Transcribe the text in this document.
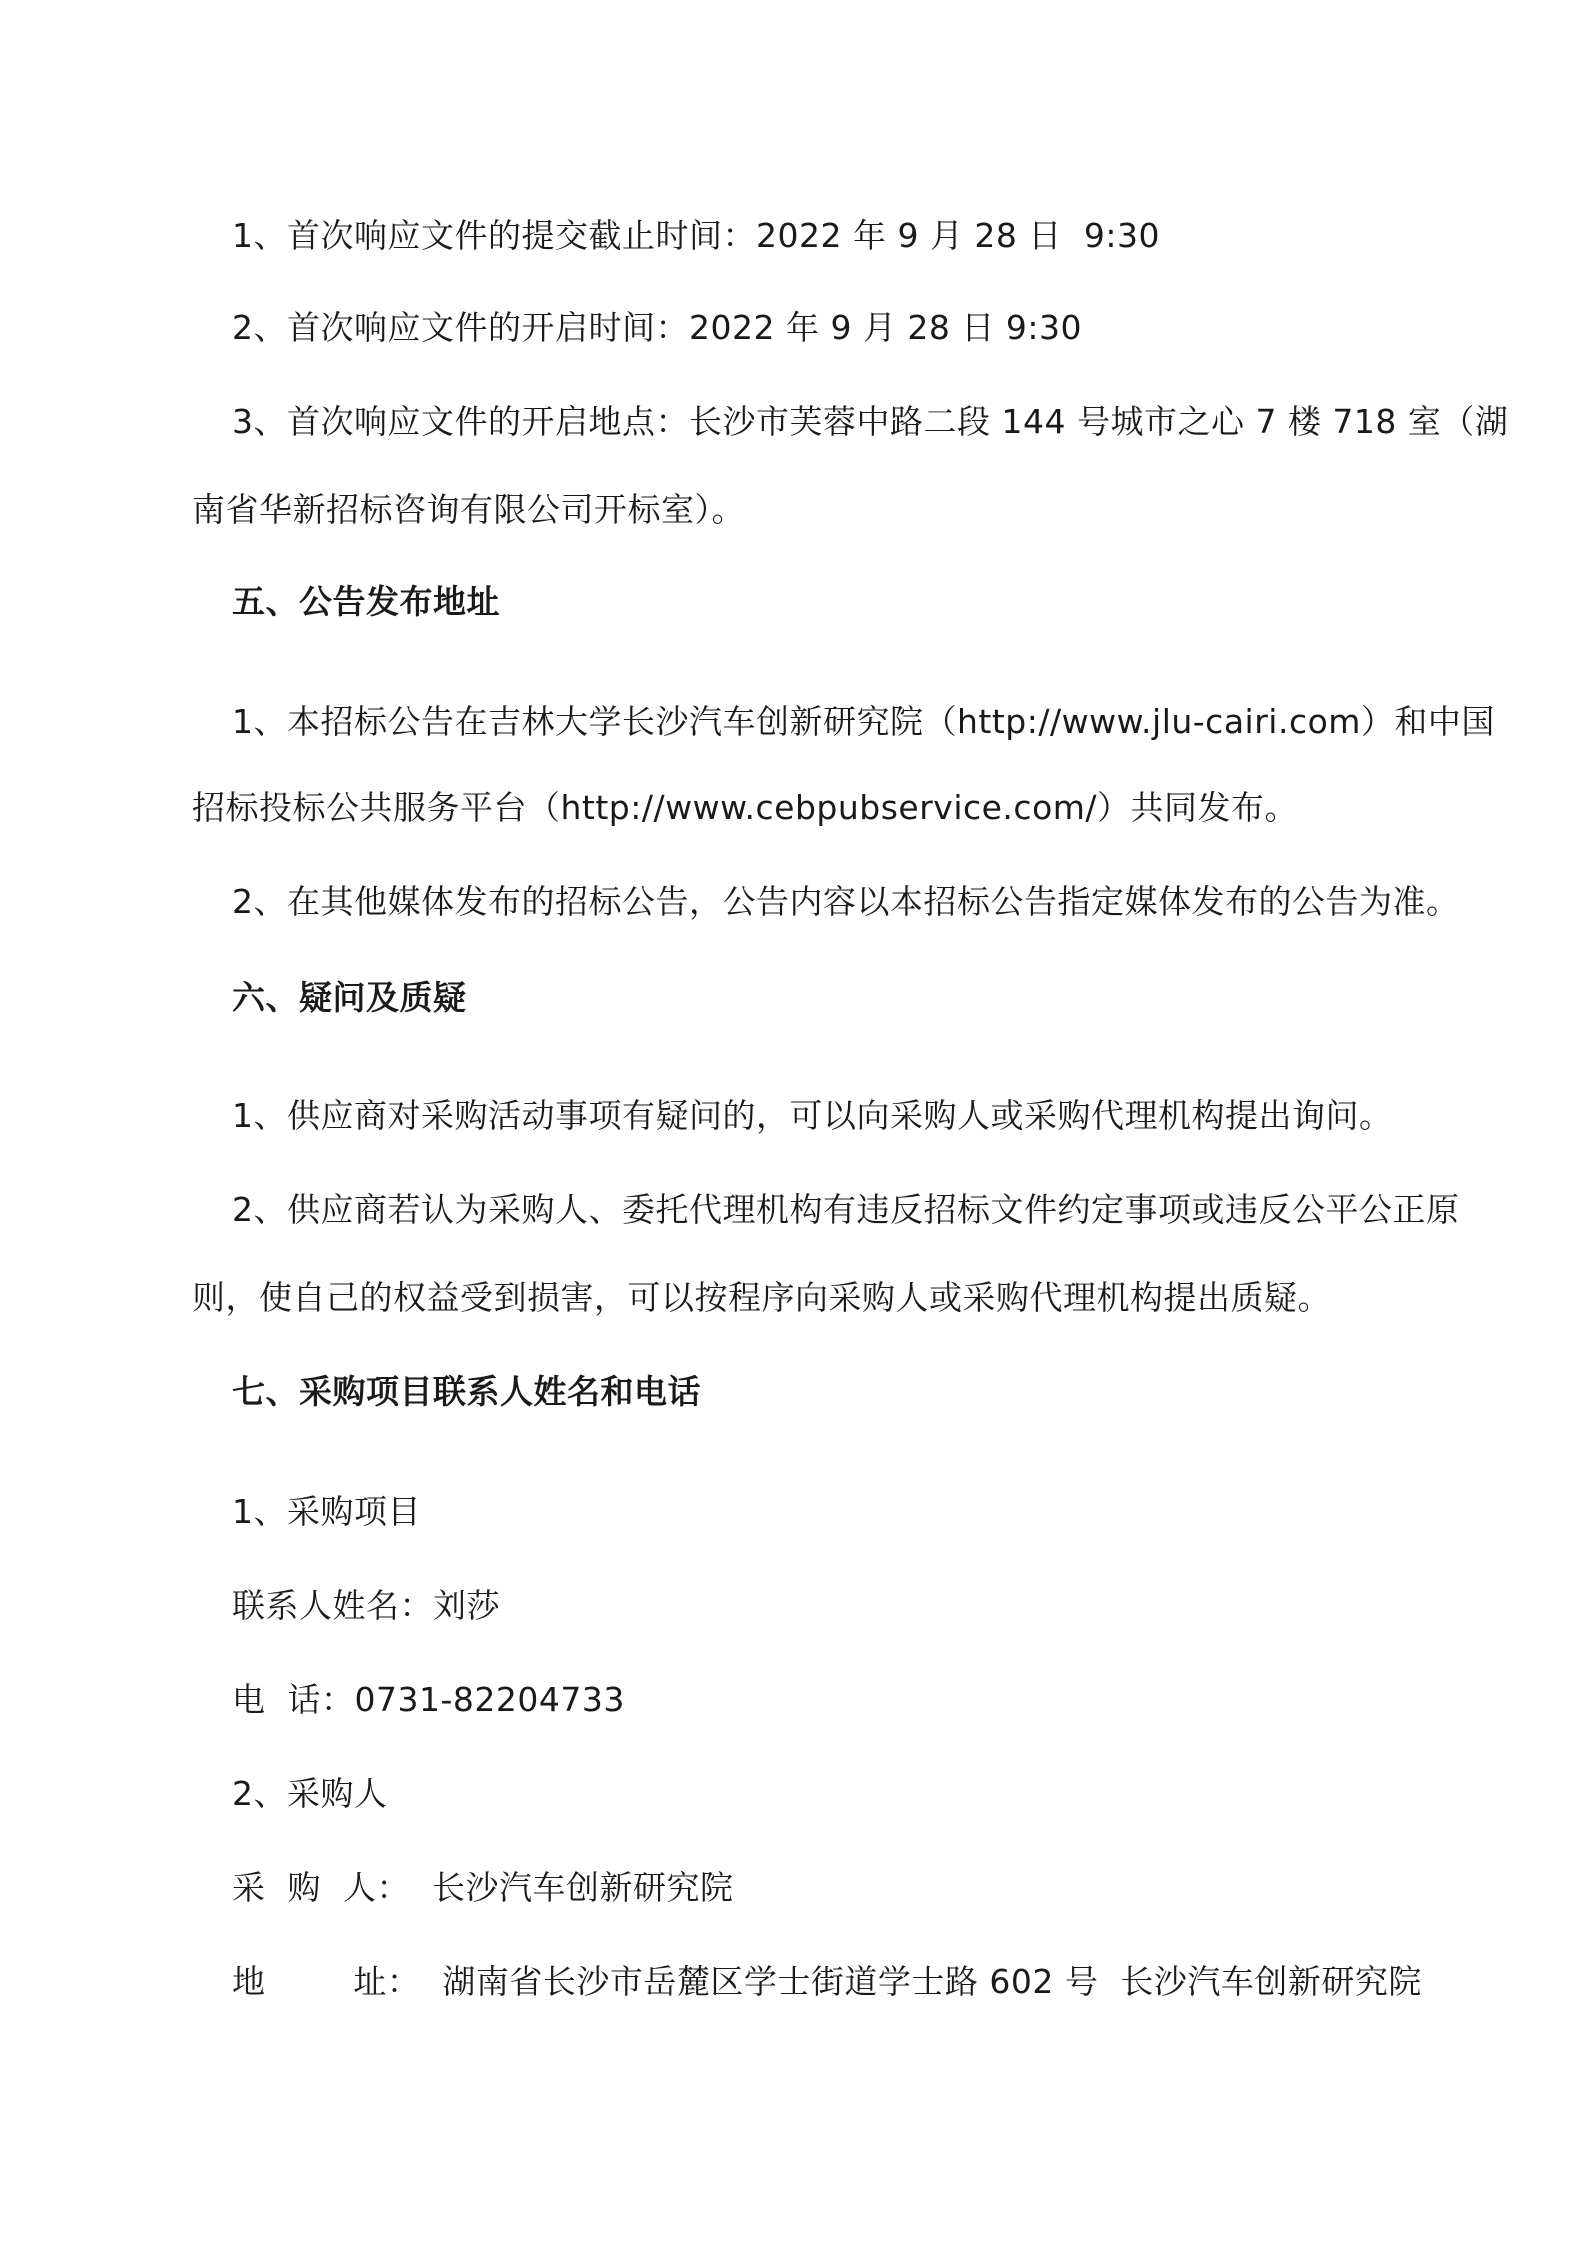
1、首次响应文件的提交截止时间：2022 年 9 月 28 日  9:30

2、首次响应文件的开启时间：2022 年 9 月 28 日 9:30

3、首次响应文件的开启地点：长沙市芙蓉中路二段 144 号城市之心 7 楼 718 室（湖

南省华新招标咨询有限公司开标室）。

五、公告发布地址

1、本招标公告在吉林大学长沙汽车创新研究院（http://www.jlu-cairi.com）和中国

招标投标公共服务平台（http://www.cebpubservice.com/）共同发布。

2、在其他媒体发布的招标公告，公告内容以本招标公告指定媒体发布的公告为准。

六、疑问及质疑

1、供应商对采购活动事项有疑问的，可以向采购人或采购代理机构提出询问。

2、供应商若认为采购人、委托代理机构有违反招标文件约定事项或违反公平公正原

则，使自己的权益受到损害，可以按程序向采购人或采购代理机构提出质疑。

七、采购项目联系人姓名和电话

1、采购项目

联系人姓名：刘莎

电  话：0731-82204733

2、采购人

采  购  人：  长沙汽车创新研究院

地        址：  湖南省长沙市岳麓区学士街道学士路 602 号  长沙汽车创新研究院
